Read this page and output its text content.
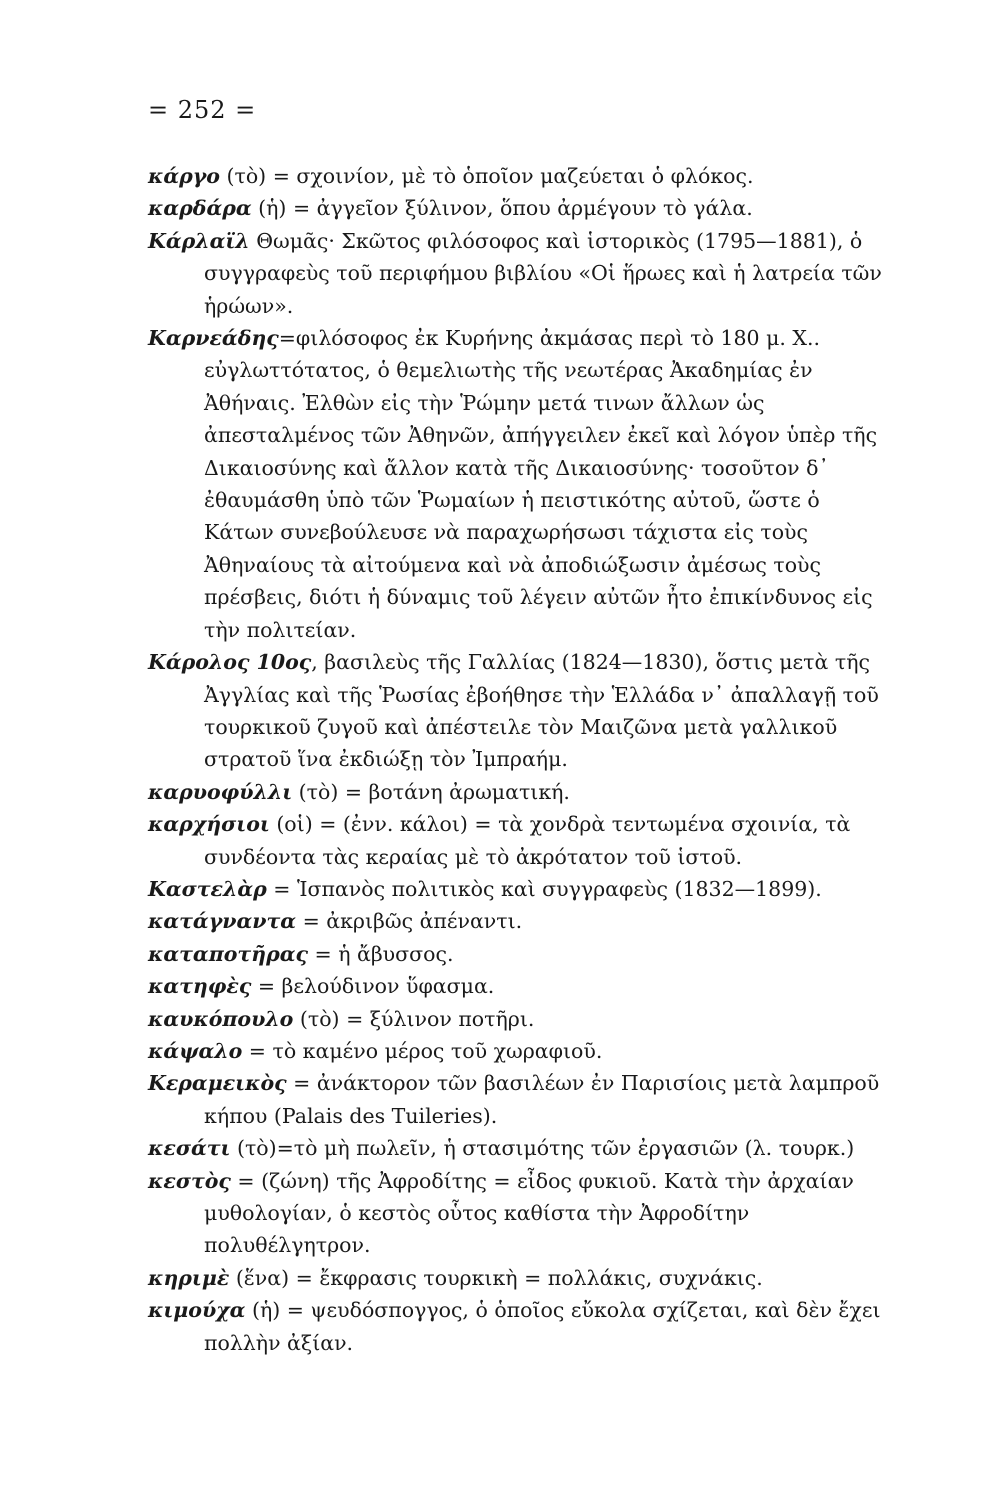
= 252 =

κάργο (τὸ) = σχοινίον, μὲ τὸ ὁποῖον μαζεύεται ὁ φλόκος.

καρδάρα (ἡ) = ἀγγεῖον ξύλινον, ὅπου ἀρμέγουν τὸ γάλα.

Κάρλαϊλ Θωμᾶς· Σκῶτος φιλόσοφος καὶ ἱστορικὸς (1795—1881), ὁ συγγραφεὺς τοῦ περιφήμου βιβλίου «Οἱ ἥρωες καὶ ἡ λατρεία τῶν ἡρώων».

Καρνεάδης=φιλόσοφος ἐκ Κυρήνης ἀκμάσας περὶ τὸ 180 μ. Χ.. εὐγλωττότατος, ὁ θεμελιωτὴς τῆς νεωτέρας Ἀκαδημίας ἐν Ἀθήναις. Ἐλθὼν εἰς τὴν Ῥώμην μετά τινων ἄλλων ὡς ἀπεσταλμένος τῶν Ἀθηνῶν, ἀπήγγειλεν ἐκεῖ καὶ λόγον ὑπὲρ τῆς Δικαιοσύνης καὶ ἄλλον κατὰ τῆς Δικαιοσύνης· τοσοῦτον δ᾽ ἐθαυμάσθη ὑπὸ τῶν Ῥωμαίων ἡ πειστικότης αὐτοῦ, ὥστε ὁ Κάτων συνεβούλευσε νὰ παραχωρήσωσι τάχιστα εἰς τοὺς Ἀθηναίους τὰ αἰτούμενα καὶ νὰ ἀποδιώξωσιν ἀμέσως τοὺς πρέσβεις, διότι ἡ δύναμις τοῦ λέγειν αὐτῶν ἦτο ἐπικίνδυνος εἰς τὴν πολιτείαν.

Κάρολος 10ος, βασιλεὺς τῆς Γαλλίας (1824—1830), ὅστις μετὰ τῆς Ἀγγλίας καὶ τῆς Ῥωσίας ἐβοήθησε τὴν Ἑλλάδα ν᾽ ἀπαλλαγῇ τοῦ τουρκικοῦ ζυγοῦ καὶ ἀπέστειλε τὸν Μαιζῶνα μετὰ γαλλικοῦ στρατοῦ ἵνα ἐκδιώξῃ τὸν Ἰμπραήμ.

καρυοφύλλι (τὸ) = βοτάνη ἀρωματική.

καρχήσιοι (οἱ) = (ἐνν. κάλοι) = τὰ χονδρὰ τεντωμένα σχοινία, τὰ συνδέοντα τὰς κεραίας μὲ τὸ ἀκρότατον τοῦ ἱστοῦ.

Καστελὰρ = Ἱσπανὸς πολιτικὸς καὶ συγγραφεὺς (1832—1899).

κατάγναντα = ἀκριβῶς ἀπέναντι.

καταποτῆρας = ἡ ἄβυσσος.

κατηφὲς = βελούδινον ὕφασμα.

καυκόπουλο (τὸ) = ξύλινον ποτῆρι.

κάψαλο = τὸ καμένο μέρος τοῦ χωραφιοῦ.

Κεραμεικὸς = ἀνάκτορον τῶν βασιλέων ἐν Παρισίοις μετὰ λαμπροῦ κήπου (Palais des Tuileries).

κεσάτι (τὸ)=τὸ μὴ πωλεῖν, ἡ στασιμότης τῶν ἐργασιῶν (λ. τουρκ.)

κεστὸς = (ζώνη) τῆς Ἀφροδίτης = εἶδος φυκιοῦ. Κατὰ τὴν ἀρχαίαν μυθολογίαν, ὁ κεστὸς οὗτος καθίστα τὴν Ἀφροδίτην πολυθέλγητρον.

κηριμὲ (ἕνα) = ἔκφρασις τουρκικὴ = πολλάκις, συχνάκις.

κιμούχα (ἡ) = ψευδόσπογγος, ὁ ὁποῖος εὔκολα σχίζεται, καὶ δὲν ἔχει πολλὴν ἀξίαν.
